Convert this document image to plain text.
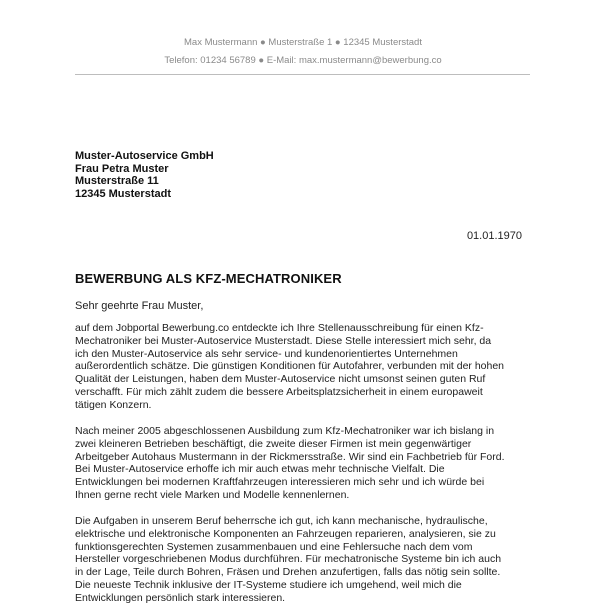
Max Mustermann ● Musterstraße 1 ● 12345 Musterstadt
Telefon: 01234 56789 ● E-Mail: max.mustermann@bewerbung.co
Muster-Autoservice GmbH
Frau Petra Muster
Musterstraße 11
12345 Musterstadt
01.01.1970
BEWERBUNG ALS KFZ-MECHATRONIKER
Sehr geehrte Frau Muster,
auf dem Jobportal Bewerbung.co entdeckte ich Ihre Stellenausschreibung für einen Kfz-
Mechatroniker bei Muster-Autoservice Musterstadt. Diese Stelle interessiert mich sehr, da
ich den Muster-Autoservice als sehr service- und kundenorientiertes Unternehmen
außerordentlich schätze. Die günstigen Konditionen für Autofahrer, verbunden mit der hohen
Qualität der Leistungen, haben dem Muster-Autoservice nicht umsonst seinen guten Ruf
verschafft. Für mich zählt zudem die bessere Arbeitsplatzsicherheit in einem europaweit
tätigen Konzern.
Nach meiner 2005 abgeschlossenen Ausbildung zum Kfz-Mechatroniker war ich bislang in
zwei kleineren Betrieben beschäftigt, die zweite dieser Firmen ist mein gegenwärtiger
Arbeitgeber Autohaus Mustermann in der Rickmersstraße. Wir sind ein Fachbetrieb für Ford.
Bei Muster-Autoservice erhoffe ich mir auch etwas mehr technische Vielfalt. Die
Entwicklungen bei modernen Kraftfahrzeugen interessieren mich sehr und ich würde bei
Ihnen gerne recht viele Marken und Modelle kennenlernen.
Die Aufgaben in unserem Beruf beherrsche ich gut, ich kann mechanische, hydraulische,
elektrische und elektronische Komponenten an Fahrzeugen reparieren, analysieren, sie zu
funktionsgerechten Systemen zusammenbauen und eine Fehlersuche nach dem vom
Hersteller vorgeschriebenen Modus durchführen. Für mechatronische Systeme bin ich auch
in der Lage, Teile durch Bohren, Fräsen und Drehen anzufertigen, falls das nötig sein sollte.
Die neueste Technik inklusive der IT-Systeme studiere ich umgehend, weil mich die
Entwicklungen persönlich stark interessieren.
